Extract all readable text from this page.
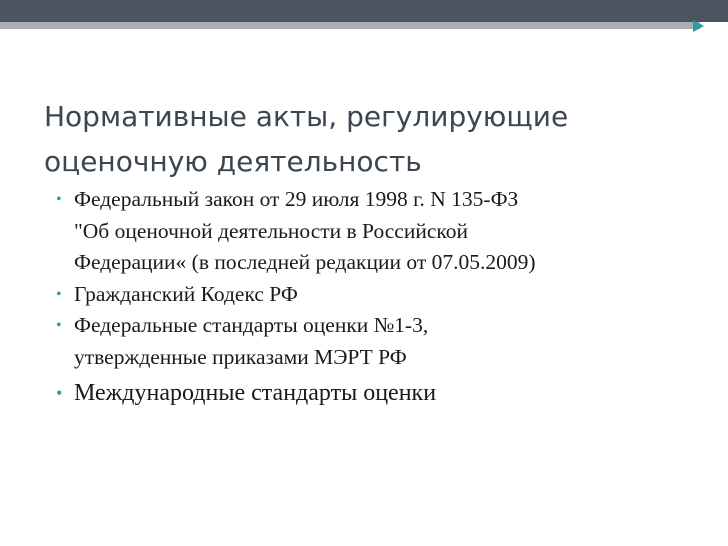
Нормативные акты, регулирующие
оценочную деятельность
• Федеральный закон от 29 июля 1998 г. N 135-ФЗ
"Об оценочной деятельности в Российской
Федерации« (в последней редакции от 07.05.2009)
• Гражданский Кодекс РФ
• Федеральные стандарты оценки №1-3,
утвержденные приказами МЭРТ РФ
• Международные стандарты оценки
